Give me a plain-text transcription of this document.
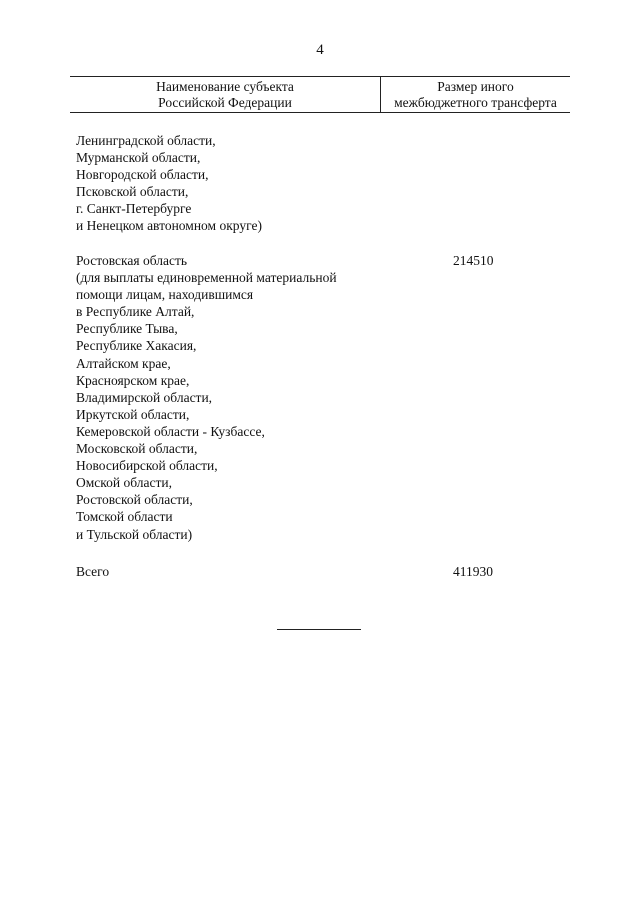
4
Наименование субъекта
Российской Федерации
Размер иного
межбюджетного трансферта
Ленинградской области,
Мурманской области,
Новгородской области,
Псковской области,
г. Санкт-Петербурге
и Ненецком автономном округе)
Ростовская область
(для выплаты единовременной материальной
помощи лицам, находившимся
в Республике Алтай,
Республике Тыва,
Республике Хакасия,
Алтайском крае,
Красноярском крае,
Владимирской области,
Иркутской области,
Кемеровской области - Кузбассе,
Московской области,
Новосибирской области,
Омской области,
Ростовской области,
Томской области
и Тульской области)
214510
Всего	411930
